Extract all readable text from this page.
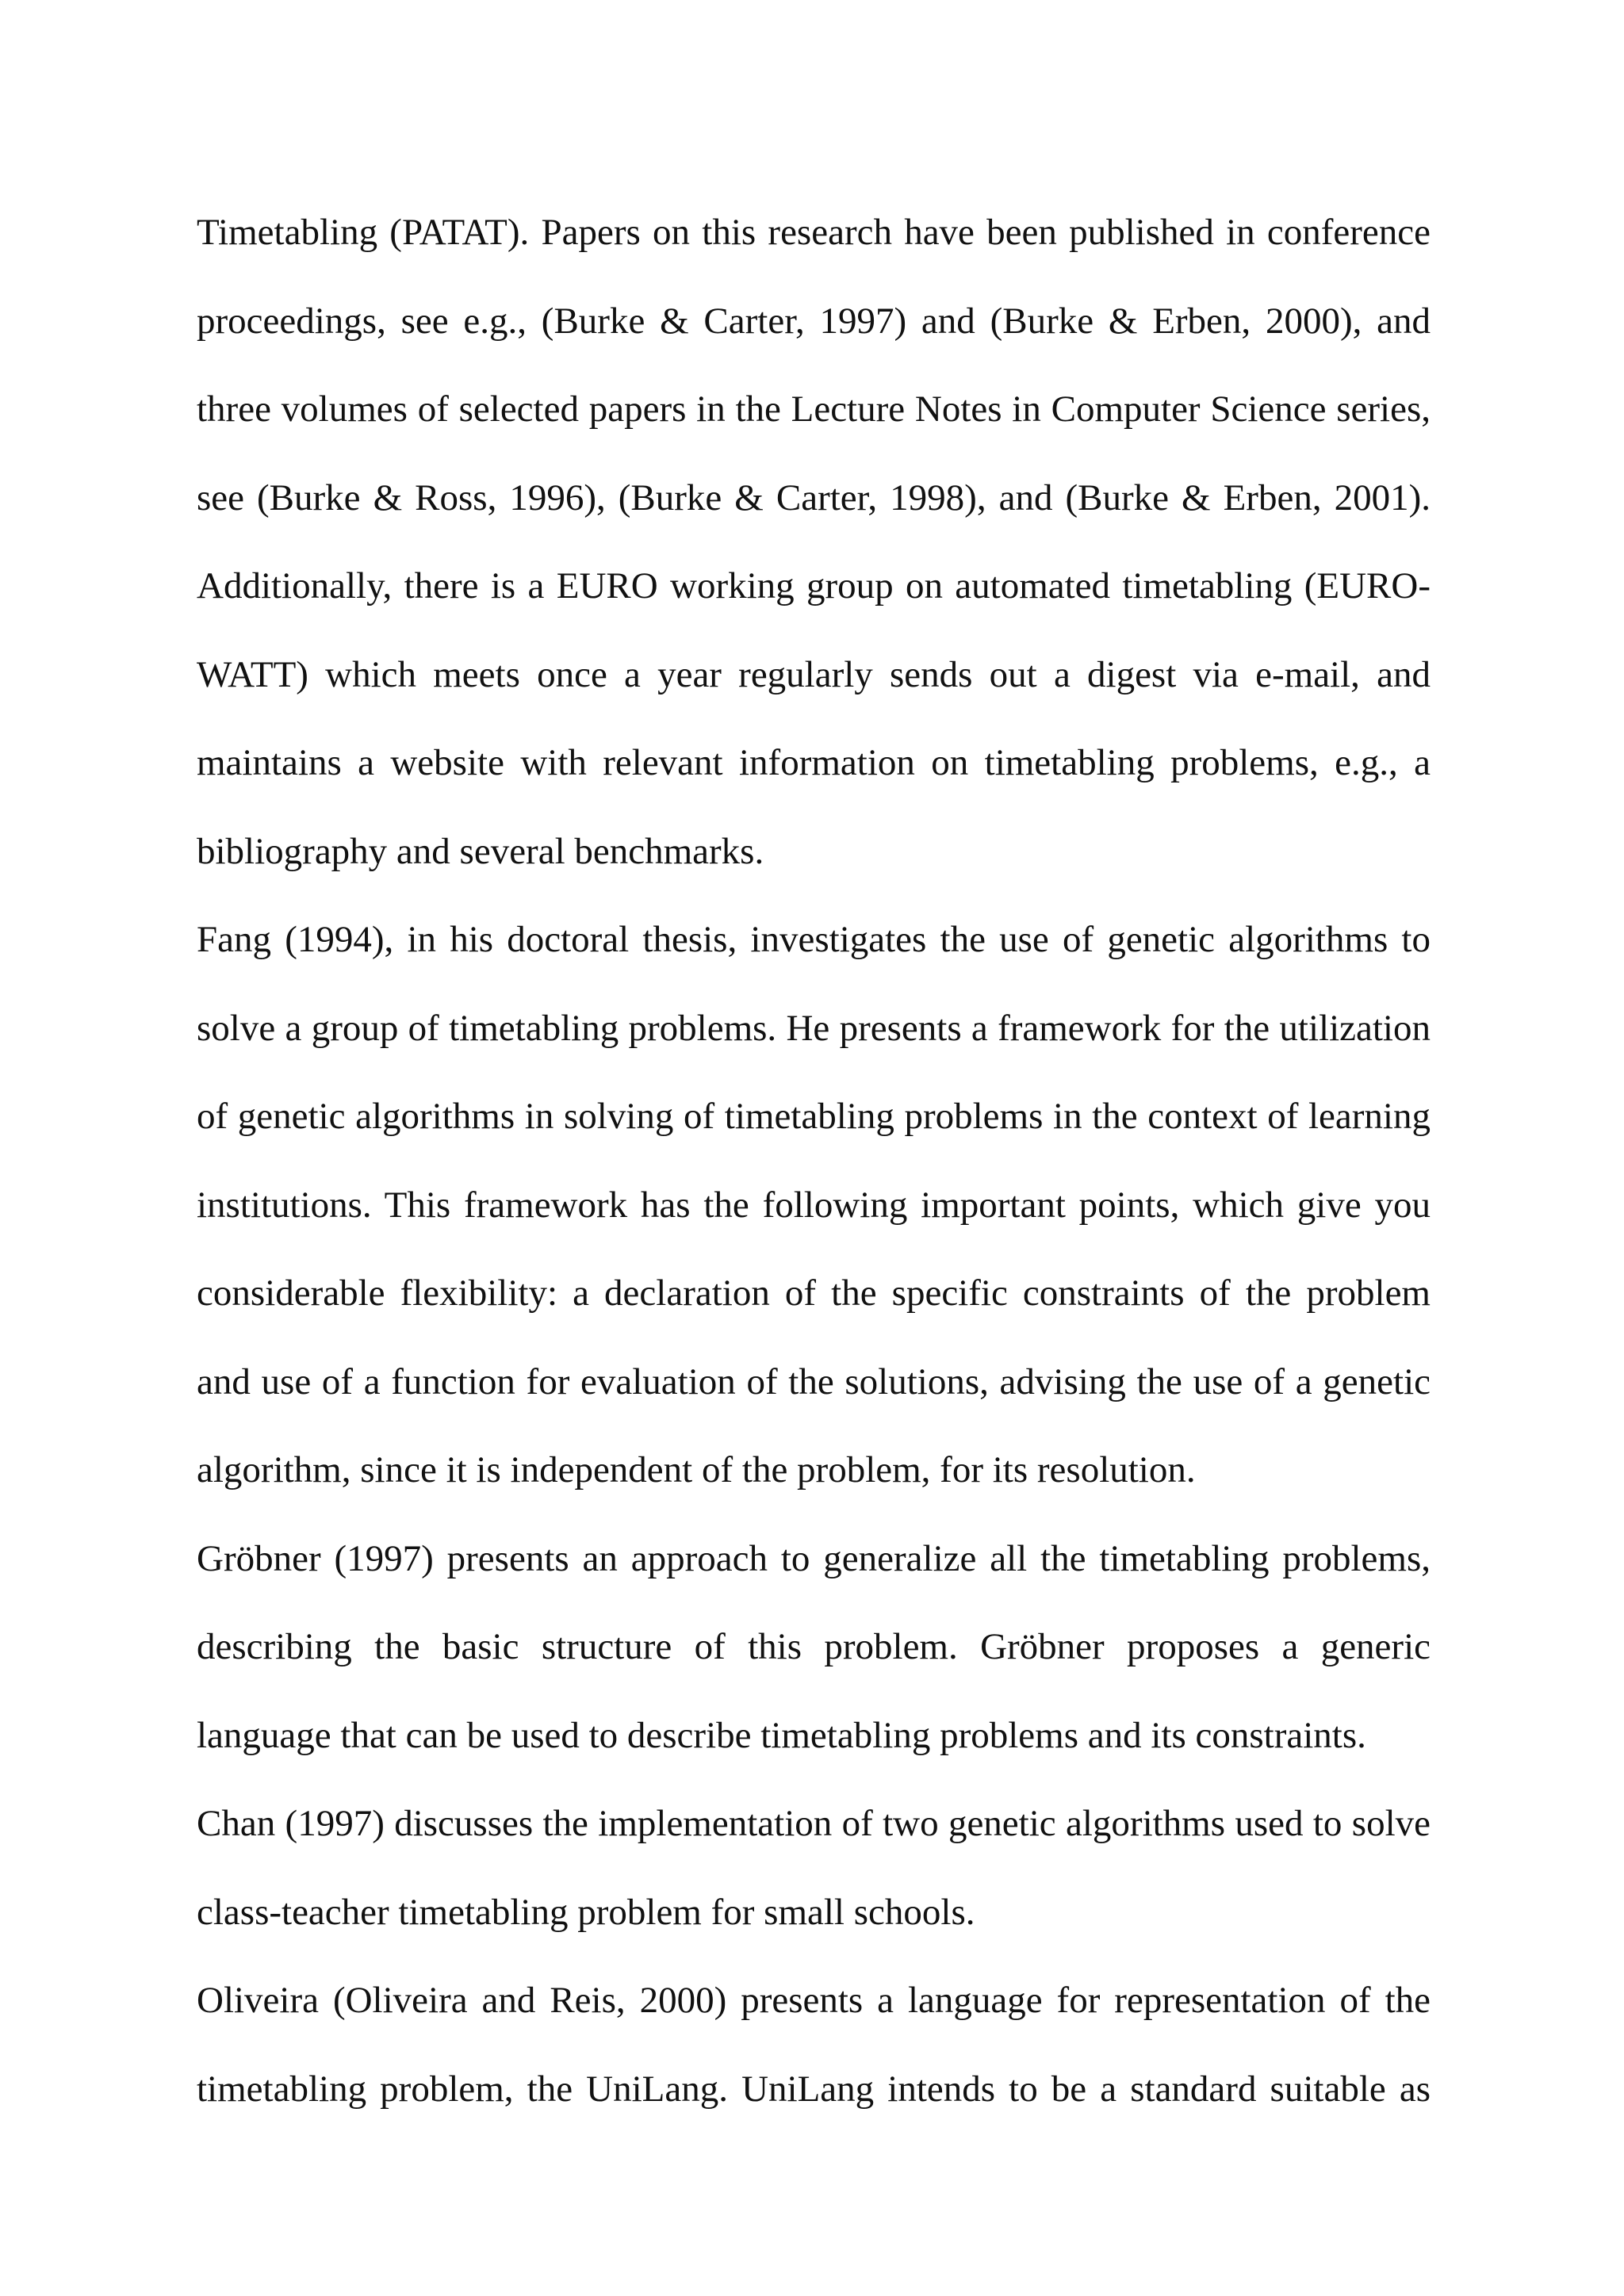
Timetabling (PATAT). Papers on this research have been published in conference proceedings, see e.g., (Burke & Carter, 1997) and (Burke & Erben, 2000), and three volumes of selected papers in the Lecture Notes in Computer Science series, see (Burke & Ross, 1996), (Burke & Carter, 1998), and (Burke & Erben, 2001). Additionally, there is a EURO working group on automated timetabling (EURO-WATT) which meets once a year regularly sends out a digest via e-mail, and maintains a website with relevant information on timetabling problems, e.g., a bibliography and several benchmarks.

Fang (1994), in his doctoral thesis, investigates the use of genetic algorithms to solve a group of timetabling problems. He presents a framework for the utilization of genetic algorithms in solving of timetabling problems in the context of learning institutions. This framework has the following important points, which give you considerable flexibility: a declaration of the specific constraints of the problem and use of a function for evaluation of the solutions, advising the use of a genetic algorithm, since it is independent of the problem, for its resolution.

Gröbner (1997) presents an approach to generalize all the timetabling problems, describing the basic structure of this problem. Gröbner proposes a generic language that can be used to describe timetabling problems and its constraints.

Chan (1997) discusses the implementation of two genetic algorithms used to solve class-teacher timetabling problem for small schools.

Oliveira (Oliveira and Reis, 2000) presents a language for representation of the timetabling problem, the UniLang. UniLang intends to be a standard suitable as
